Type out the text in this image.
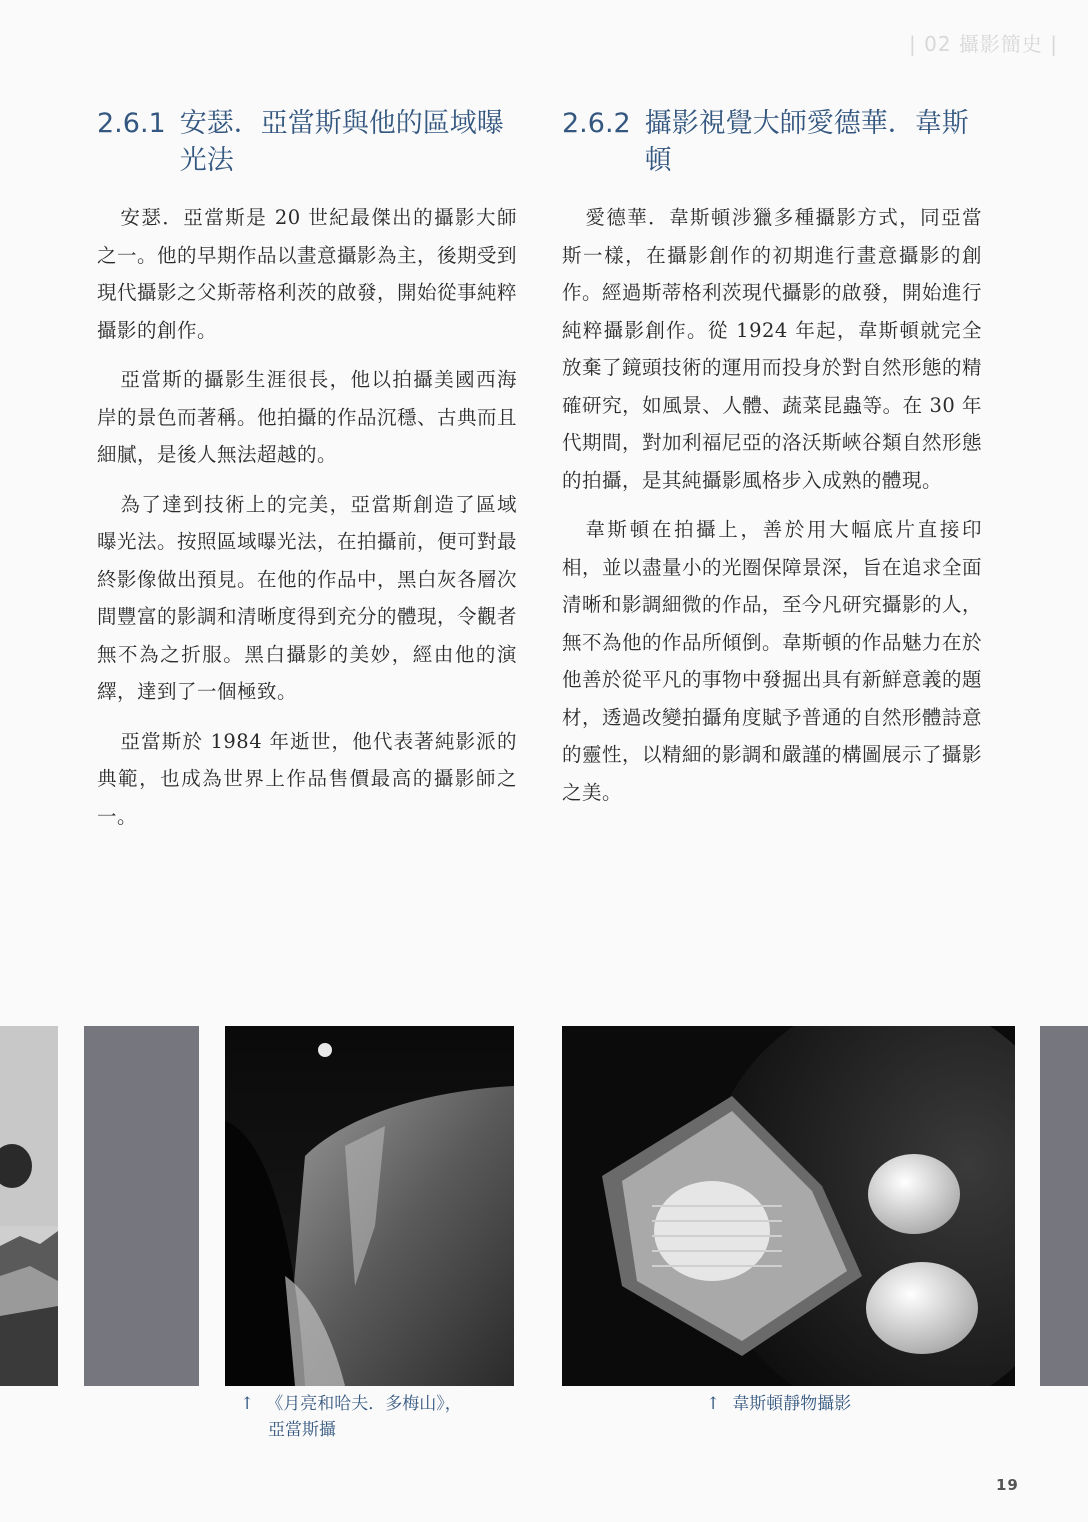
| 02 攝影簡史 |
2.6.1 安瑟．亞當斯與他的區域曝光法

安瑟．亞當斯是 20 世紀最傑出的攝影大師之一。他的早期作品以畫意攝影為主，後期受到現代攝影之父斯蒂格利茨的啟發，開始從事純粹攝影的創作。

亞當斯的攝影生涯很長，他以拍攝美國西海岸的景色而著稱。他拍攝的作品沉穩、古典而且細膩，是後人無法超越的。

為了達到技術上的完美，亞當斯創造了區域曝光法。按照區域曝光法，在拍攝前，便可對最終影像做出預見。在他的作品中，黑白灰各層次間豐富的影調和清晰度得到充分的體現，令觀者無不為之折服。黑白攝影的美妙，經由他的演繹，達到了一個極致。

亞當斯於 1984 年逝世，他代表著純影派的典範，也成為世界上作品售價最高的攝影師之一。

2.6.2 攝影視覺大師愛德華．韋斯頓

愛德華．韋斯頓涉獵多種攝影方式，同亞當斯一樣，在攝影創作的初期進行畫意攝影的創作。經過斯蒂格利茨現代攝影的啟發，開始進行純粹攝影創作。從 1924 年起，韋斯頓就完全放棄了鏡頭技術的運用而投身於對自然形態的精確研究，如風景、人體、蔬菜昆蟲等。在 30 年代期間，對加利福尼亞的洛沃斯峽谷類自然形態的拍攝，是其純攝影風格步入成熟的體現。

韋斯頓在拍攝上，善於用大幅底片直接印相，並以盡量小的光圈保障景深，旨在追求全面清晰和影調細微的作品，至今凡研究攝影的人，無不為他的作品所傾倒。韋斯頓的作品魅力在於他善於從平凡的事物中發掘出具有新鮮意義的題材，透過改變拍攝角度賦予普通的自然形體詩意的靈性，以精細的影調和嚴謹的構圖展示了攝影之美。

↑ 《月亮和哈夫．多梅山》，
亞當斯攝
↑ 韋斯頓靜物攝影
19
